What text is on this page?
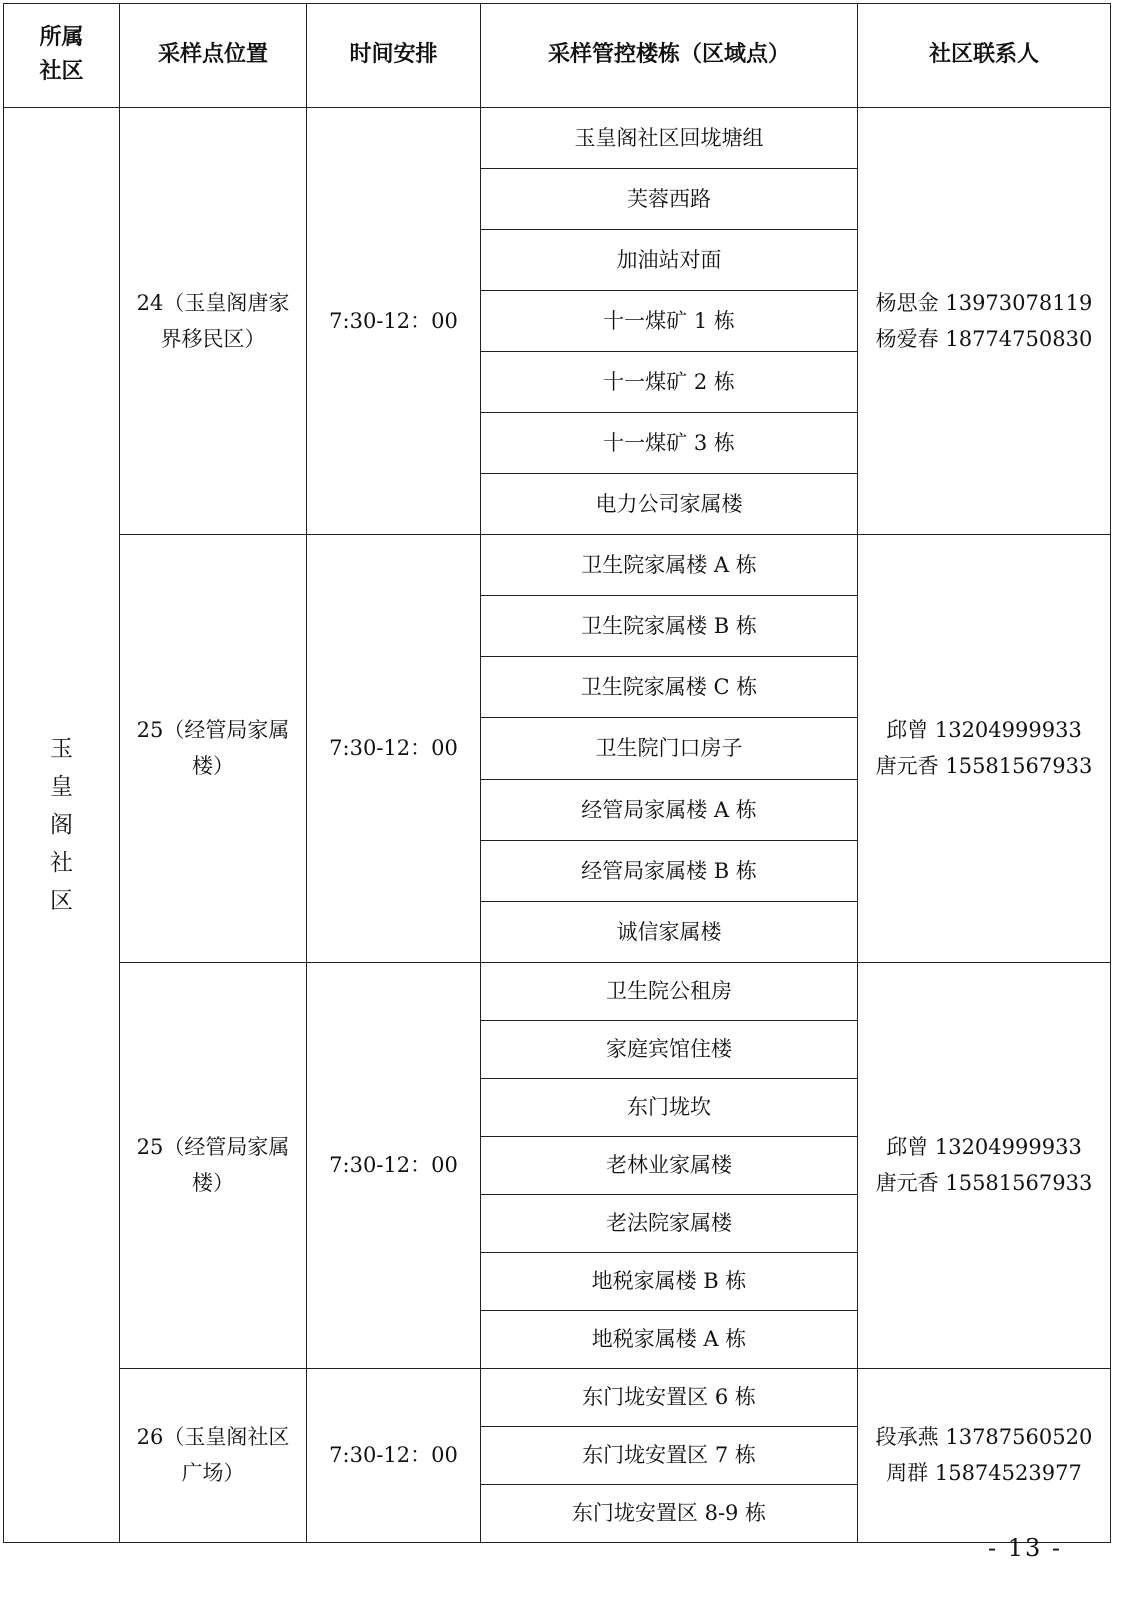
所属社区	采样点位置	时间安排	采样管控楼栋（区域点）	社区联系人

玉皇阁社区	24（玉皇阁唐家界移民区）	7:30-12：00	玉皇阁社区回垅塘组	杨思金 13973078119
杨爱春 18774750830

			芙蓉西路	
			加油站对面	
			十一煤矿 1 栋	
			十一煤矿 2 栋	
			十一煤矿 3 栋	
			电力公司家属楼	
	25（经管局家属楼）	7:30-12：00	卫生院家属楼 A 栋	邱曾 13204999933
唐元香 15581567933

			卫生院家属楼 B 栋	
			卫生院家属楼 C 栋	
			卫生院门口房子	
			经管局家属楼 A 栋	
			经管局家属楼 B 栋	
			诚信家属楼	
	25（经管局家属楼）	7:30-12：00	卫生院公租房	邱曾 13204999933
唐元香 15581567933

			家庭宾馆住楼	
			东门垅坎	
			老林业家属楼	
			老法院家属楼	
			地税家属楼 B 栋	
			地税家属楼 A 栋	
	26（玉皇阁社区广场）	7:30-12：00	东门垅安置区 6 栋	段承燕 13787560520
周群 15874523977

			东门垅安置区 7 栋	
			东门垅安置区 8-9 栋	
- 13 -
